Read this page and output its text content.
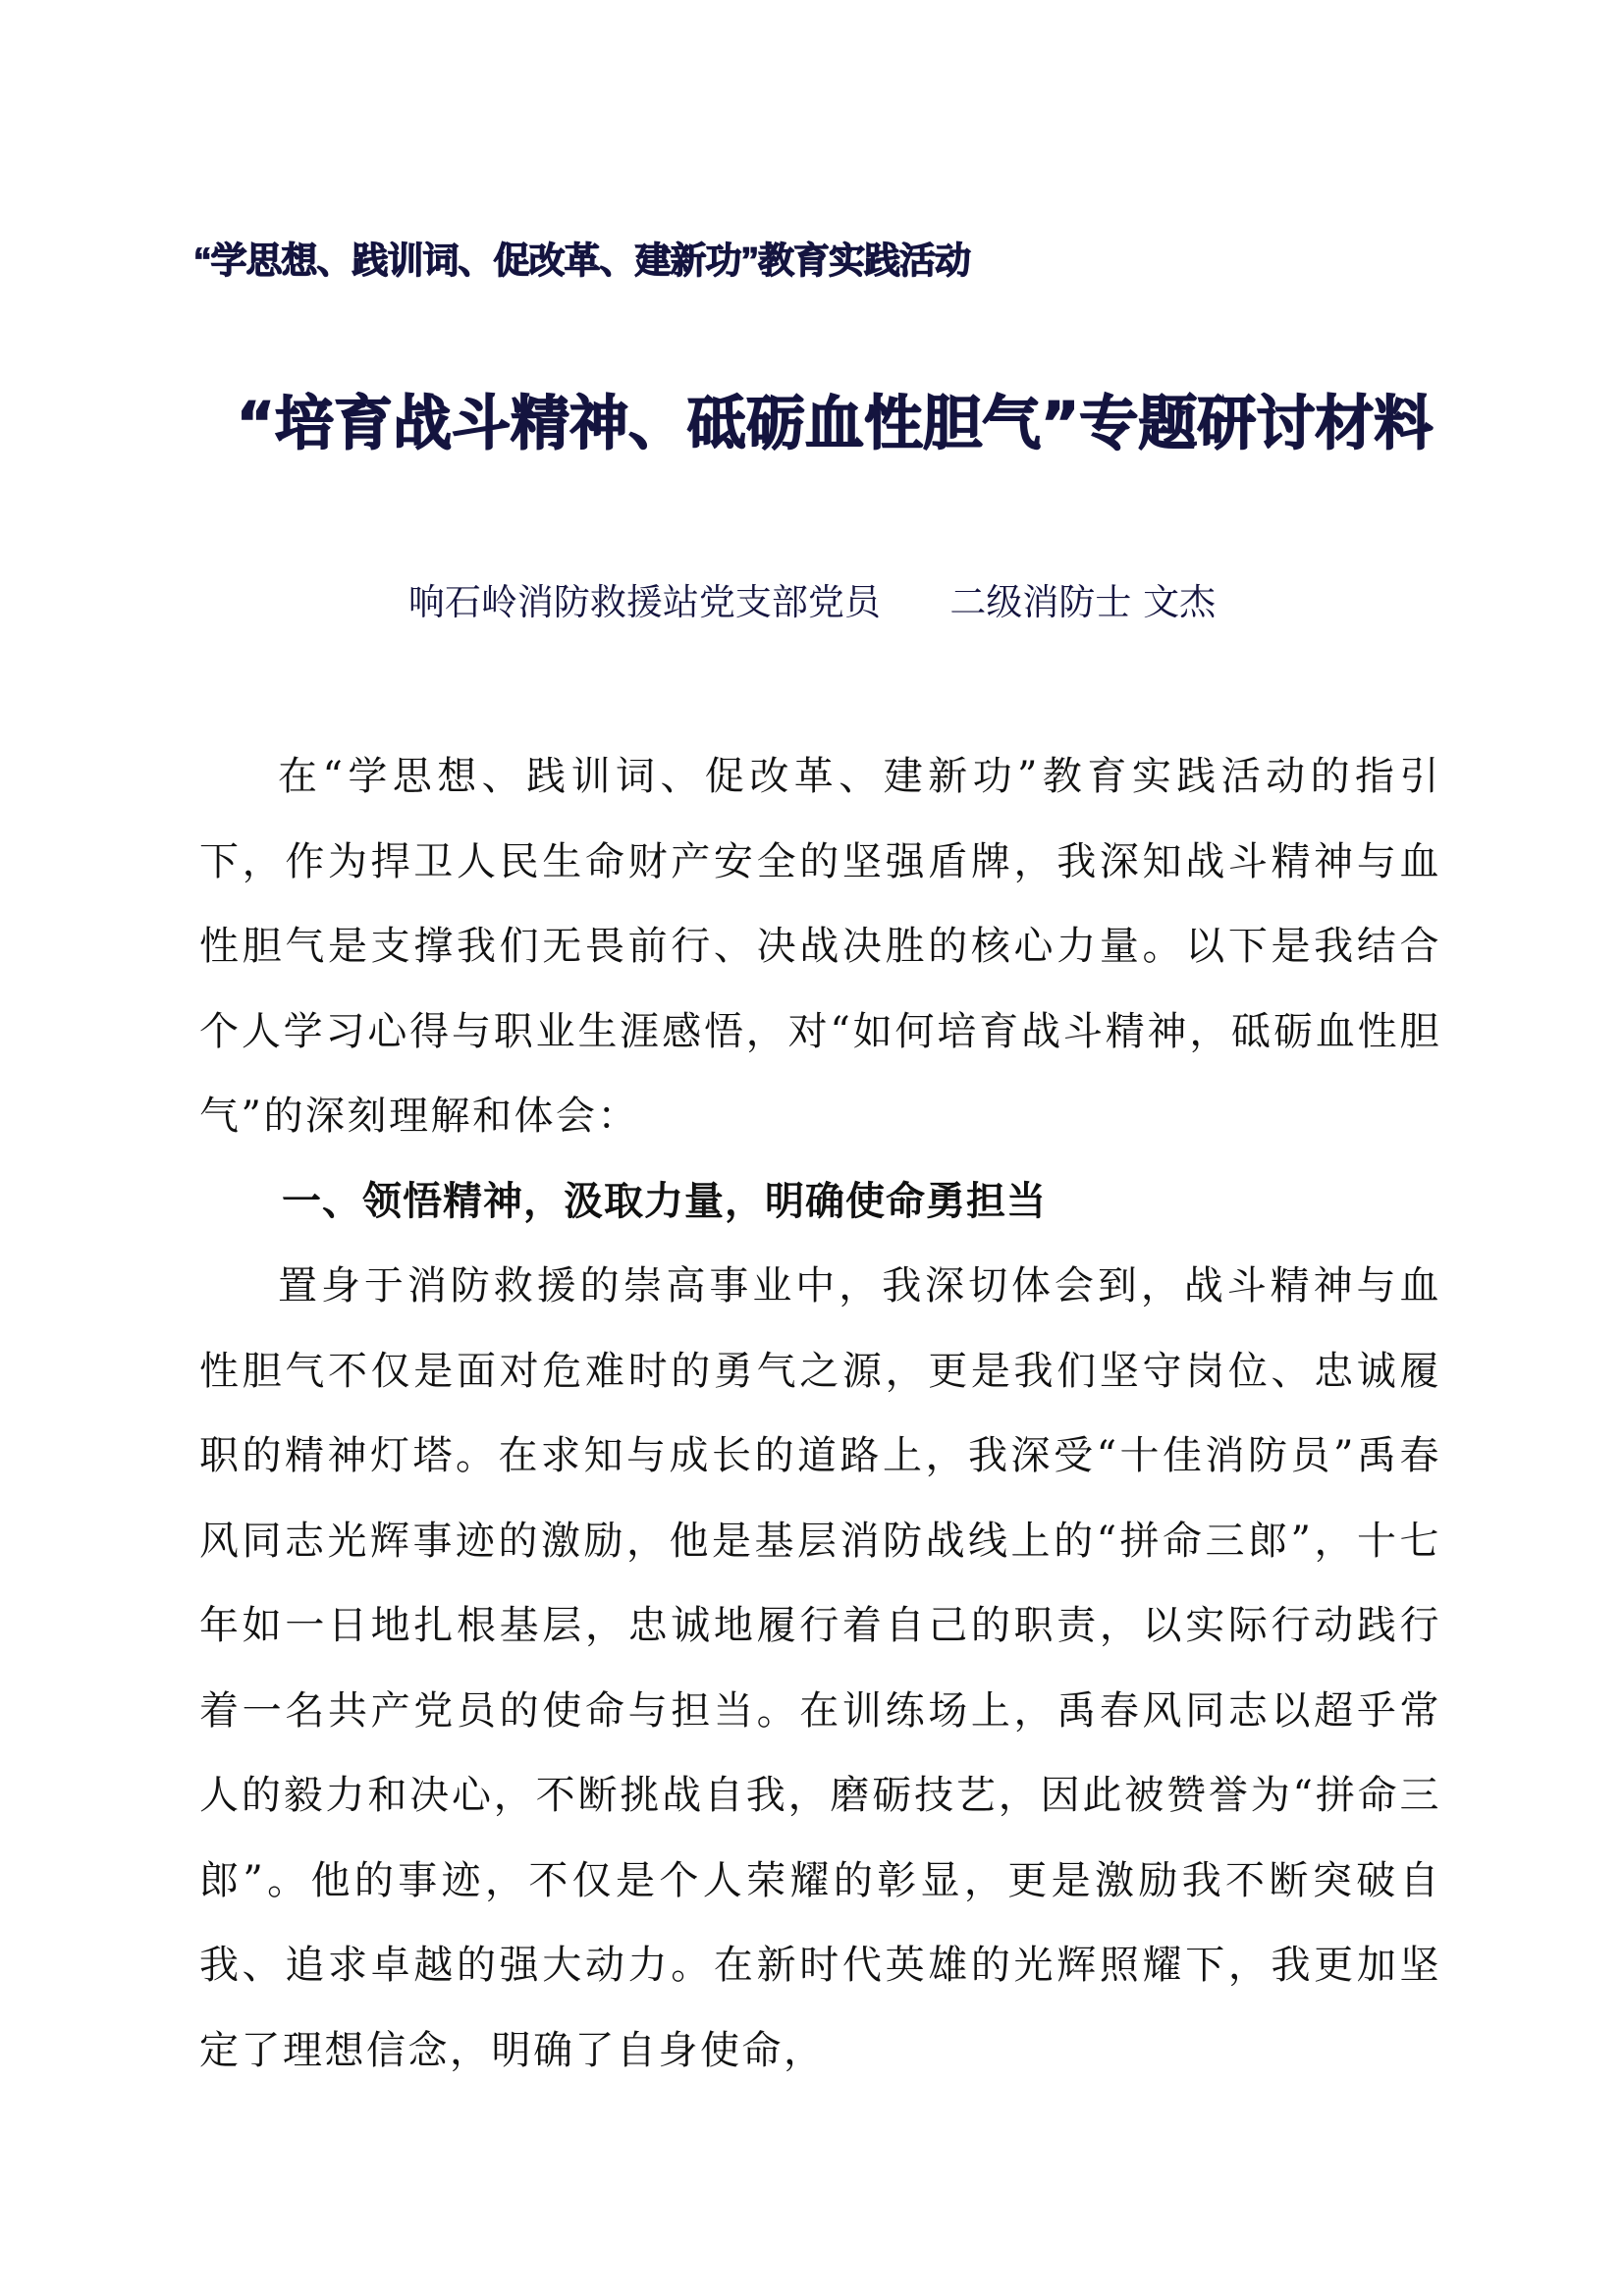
“学思想、践训词、促改革、建新功”教育实践活动
“培育战斗精神、砥砺血性胆气”专题研讨材料
响石岭消防救援站党支部党员      二级消防士 文杰

在“学思想、践训词、促改革、建新功”教育实践活动的指引下，作为捍卫人民生命财产安全的坚强盾牌，我深知战斗精神与血性胆气是支撑我们无畏前行、决战决胜的核心力量。以下是我结合个人学习心得与职业生涯感悟，对“如何培育战斗精神，砥砺血性胆气”的深刻理解和体会：

一、领悟精神，汲取力量，明确使命勇担当

置身于消防救援的崇高事业中，我深切体会到，战斗精神与血性胆气不仅是面对危难时的勇气之源，更是我们坚守岗位、忠诚履职的精神灯塔。在求知与成长的道路上，我深受“十佳消防员”禹春风同志光辉事迹的激励，他是基层消防战线上的“拼命三郎”，十七年如一日地扎根基层，忠诚地履行着自己的职责，以实际行动践行着一名共产党员的使命与担当。在训练场上，禹春风同志以超乎常人的毅力和决心，不断挑战自我，磨砺技艺，因此被赞誉为“拼命三郎”。他的事迹，不仅是个人荣耀的彰显，更是激励我不断突破自我、追求卓越的强大动力。在新时代英雄的光辉照耀下，我更加坚定了理想信念，明确了自身使命，
